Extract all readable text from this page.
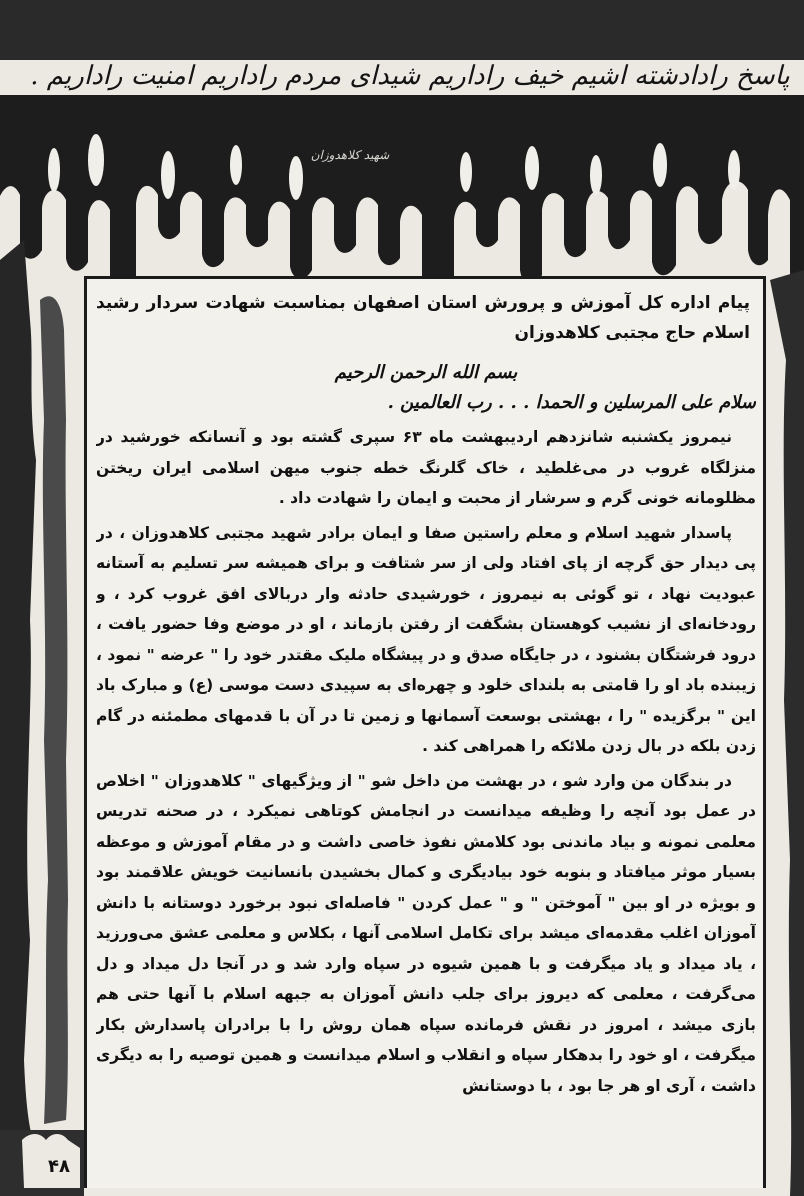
پاسخ رادادشته اشیم خیف راداریم شیدای مردم راداریم امنیت راداریم .
شهید کلاهدوزان
پیام اداره کل آموزش و پرورش استان اصفهان بمناسبت شهادت سردار رشید اسلام حاج مجتبی کلاهدوزان
بسم الله الرحمن الرحیم
سلام علی المرسلین و الحمدا . . . رب العالمین .

نیمروز یکشنبه شانزدهم اردیبهشت ماه ۶۳ سپری گشته بود و آنسانکه خورشید در منزلگاه غروب در می‌غلطید ، خاک گلرنگ خطه جنوب میهن اسلامی ایران ریختن مظلومانه خونی گرم و سرشار از محبت و ایمان را شهادت داد .

پاسدار شهید اسلام و معلم راستین صفا و ایمان برادر شهید مجتبی کلاهدوزان ، در پی دیدار حق گرچه از پای افتاد ولی از سر شتافت و برای همیشه سر تسلیم به آستانه عبودیت نهاد ، تو گوئی به نیمروز ، خورشیدی حادثه وار دربالای افق غروب کرد ، و رودخانه‌ای از نشیب کوهستان بشگفت از رفتن بازماند ، او در موضع وفا حضور یافت ، درود فرشتگان بشنود ، در جایگاه صدق و در پیشگاه ملیک مقتدر خود را " عرضه " نمود ، زیبنده باد او را قامتی به بلندای خلود و چهره‌ای به سپیدی دست موسی (ع) و مبارک باد این " برگزیده " را ، بهشتی بوسعت آسمانها و زمین تا در آن با قدمهای مطمئنه در گام زدن بلکه در بال زدن ملائکه را همراهی کند .

در بندگان من وارد شو ، در بهشت من داخل شو " از ویژگیهای " کلاهدوزان " اخلاص در عمل بود آنچه را وظیفه میدانست در انجامش کوتاهی نمیکرد ، در صحنه تدریس معلمی نمونه و بیاد ماندنی بود کلامش نفوذ خاصی داشت و در مقام آموزش و موعظه بسیار موثر میافتاد و بنوبه خود بیادیگری و کمال بخشیدن بانسانیت خویش علاقمند بود و بویژه در او بین " آموختن " و " عمل کردن " فاصله‌ای نبود برخورد دوستانه با دانش آموزان اغلب مقدمه‌ای میشد برای تکامل اسلامی آنها ، بکلاس و معلمی عشق می‌ورزید ، یاد میداد و یاد میگرفت و با همین شیوه در سپاه وارد شد و در آنجا دل میداد و دل می‌گرفت ، معلمی که دیروز برای جلب دانش آموزان به جبهه اسلام با آنها حتی هم بازی میشد ، امروز در نقش فرمانده سپاه همان روش را با برادران پاسدارش بکار میگرفت ، او خود را بدهکار سپاه و انقلاب و اسلام میدانست و همین توصیه را به دیگری داشت ، آری او هر جا بود ، با دوستانش

۴۸
